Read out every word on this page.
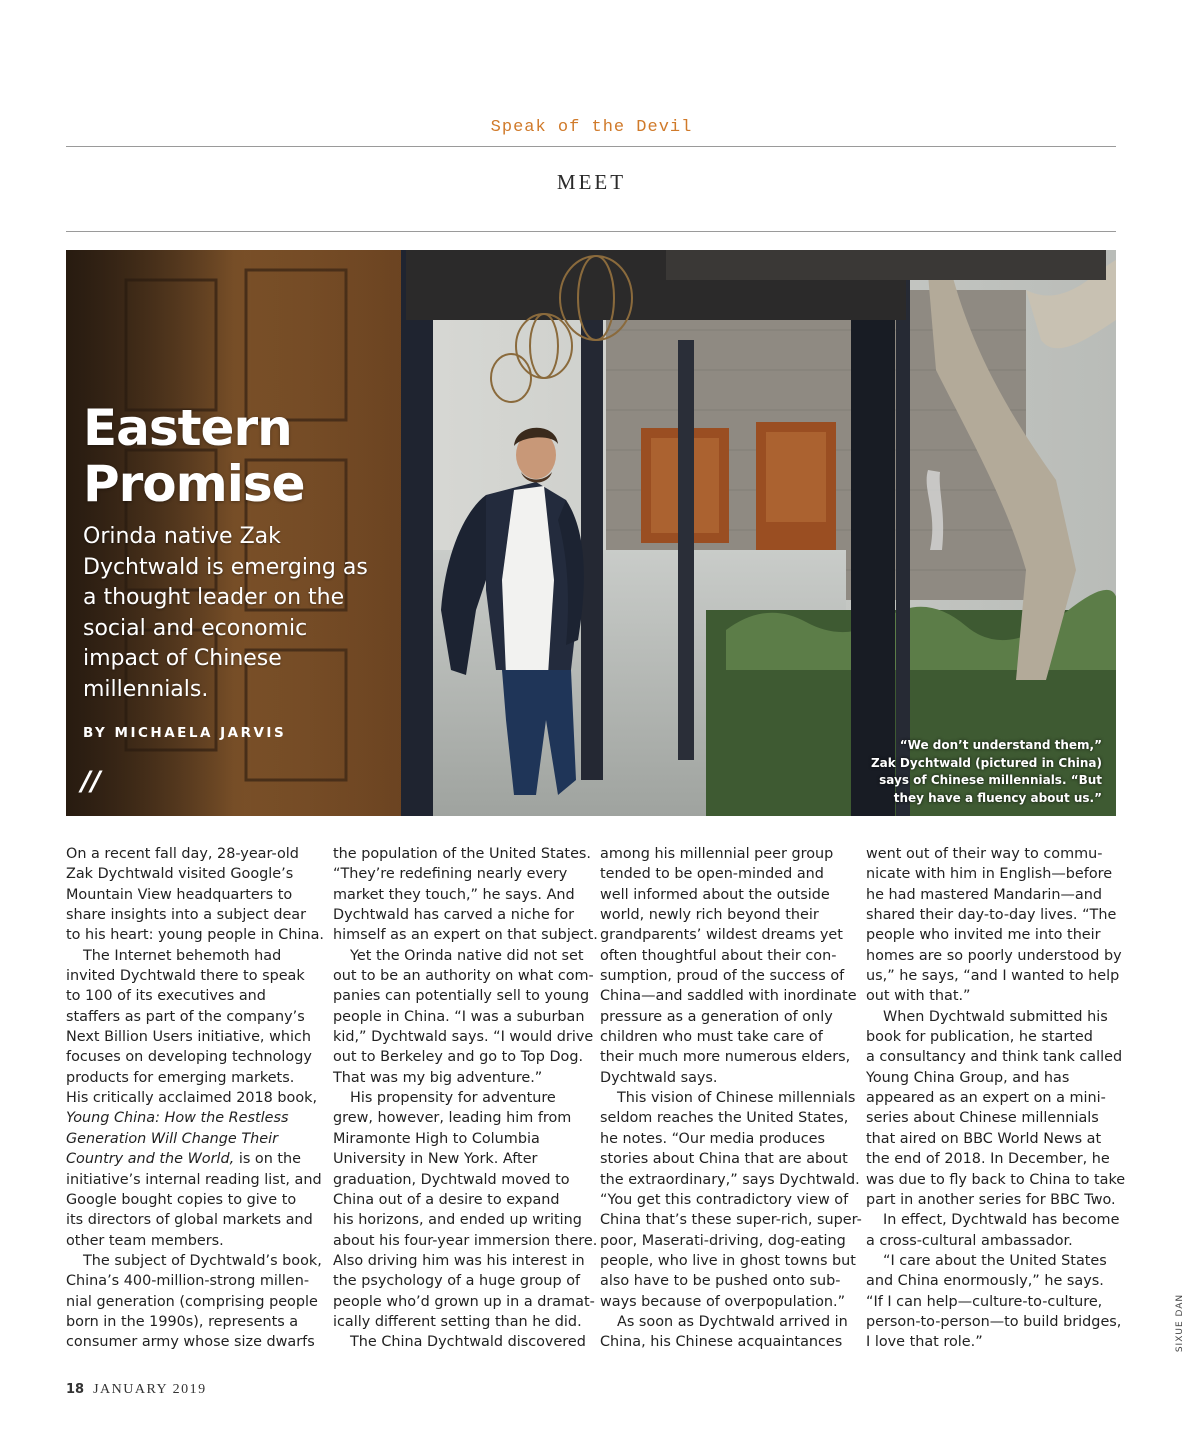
Speak of the Devil
MEET
Eastern
Promise

Orinda native Zak Dychtwald is emerging as a thought leader on the social and economic impact of Chinese millennials.

BY MICHAELA JARVIS
//

“We don’t understand them,”
Zak Dychtwald (pictured in China)
says of Chinese millennials. “But
they have a fluency about us.”

On a recent fall day, 28-year-old
Zak Dychtwald visited Google’s
Mountain View headquarters to
share insights into a subject dear
to his heart: young people in China.
The Internet behemoth had
invited Dychtwald there to speak
to 100 of its executives and
staffers as part of the company’s
Next Billion Users initiative, which
focuses on developing technology
products for emerging markets.
His critically acclaimed 2018 book,
Young China: How the Restless
Generation Will Change Their
Country and the World, is on the
initiative’s internal reading list, and
Google bought copies to give to
its directors of global markets and
other team members.
The subject of Dychtwald’s book,
China’s 400-million-strong millen-
nial generation (comprising people
born in the 1990s), represents a
consumer army whose size dwarfs
the population of the United States.
“They’re redefining nearly every
market they touch,” he says. And
Dychtwald has carved a niche for
himself as an expert on that subject.
Yet the Orinda native did not set
out to be an authority on what com-
panies can potentially sell to young
people in China. “I was a suburban
kid,” Dychtwald says. “I would drive
out to Berkeley and go to Top Dog.
That was my big adventure.”
His propensity for adventure
grew, however, leading him from
Miramonte High to Columbia
University in New York. After
graduation, Dychtwald moved to
China out of a desire to expand
his horizons, and ended up writing
about his four-year immersion there.
Also driving him was his interest in
the psychology of a huge group of
people who’d grown up in a dramat-
ically different setting than he did.
The China Dychtwald discovered
among his millennial peer group
tended to be open-minded and
well informed about the outside
world, newly rich beyond their
grandparents’ wildest dreams yet
often thoughtful about their con-
sumption, proud of the success of
China—and saddled with inordinate
pressure as a generation of only
children who must take care of
their much more numerous elders,
Dychtwald says.
This vision of Chinese millennials
seldom reaches the United States,
he notes. “Our media produces
stories about China that are about
the extraordinary,” says Dychtwald.
“You get this contradictory view of
China that’s these super-rich, super-
poor, Maserati-driving, dog-eating
people, who live in ghost towns but
also have to be pushed onto sub-
ways because of overpopulation.”
As soon as Dychtwald arrived in
China, his Chinese acquaintances
went out of their way to commu-
nicate with him in English—before
he had mastered Mandarin—and
shared their day-to-day lives. “The
people who invited me into their
homes are so poorly understood by
us,” he says, “and I wanted to help
out with that.”
When Dychtwald submitted his
book for publication, he started
a consultancy and think tank called
Young China Group, and has
appeared as an expert on a mini-
series about Chinese millennials
that aired on BBC World News at
the end of 2018. In December, he
was due to fly back to China to take
part in another series for BBC Two.
In effect, Dychtwald has become
a cross-cultural ambassador.
“I care about the United States
and China enormously,” he says.
“If I can help—culture-to-culture,
person-to-person—to build bridges,
I love that role.”	SIXUE DAN
18 JANUARY 2019
